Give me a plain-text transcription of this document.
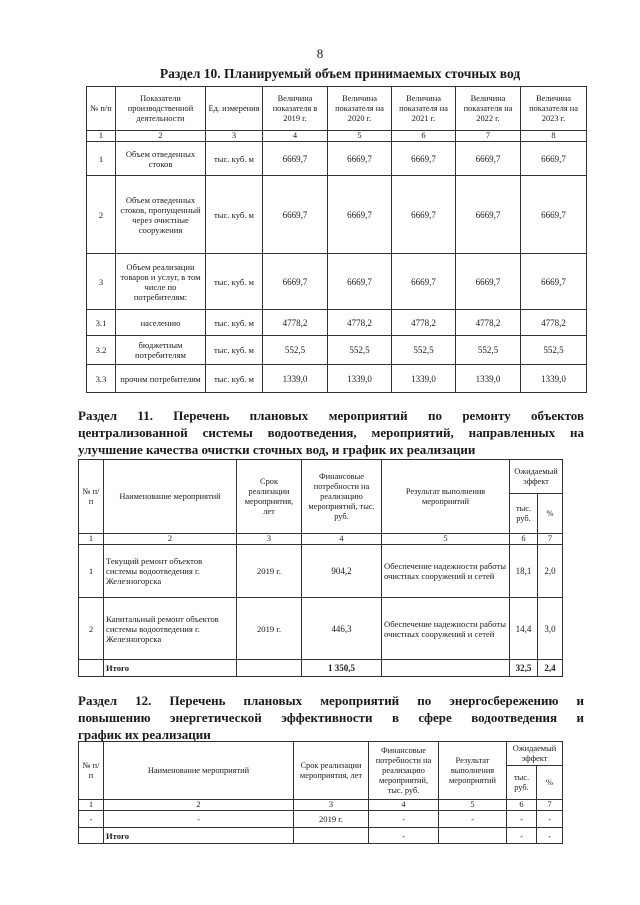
8
Раздел 10. Планируемый объем принимаемых сточных вод
№ п/п	Показатели производственной деятельности	Ед. измерения	Величина показателя в 2019 г.	Величина показателя на 2020 г.	Величина показателя на 2021 г.	Величина показателя на 2022 г.	Величина показателя на 2023 г.
1	2	3	4	5	6	7	8
1	Объем отведенных стоков	тыс. куб. м	6669,7	6669,7	6669,7	6669,7	6669,7
2	Объем отведенных стоков, пропущенный через очистные сооружения	тыс. куб. м	6669,7	6669,7	6669,7	6669,7	6669,7
3	Объем реализации товаров и услуг, в том числе по потребителям:	тыс. куб. м	6669,7	6669,7	6669,7	6669,7	6669,7
3.1	населению	тыс. куб. м	4778,2	4778,2	4778,2	4778,2	4778,2
3.2	бюджетным потребителям	тыс. куб. м	552,5	552,5	552,5	552,5	552,5
3.3	прочим потребителям	тыс. куб. м	1339,0	1339,0	1339,0	1339,0	1339,0
Раздел 11. Перечень плановых мероприятий по ремонту объектов
централизованной системы водоотведения, мероприятий, направленных на
улучшение качества очистки сточных вод, и график их реализации
№ п/п	Наименование мероприятий	Срок реализации мероприятия, лет	Финансовые потребности на реализацию мероприятий, тыс. руб.	Результат выполнения мероприятий	Ожидаемый эффект	
					тыс. руб.	%
1	2	3	4	5	6	7
1	Текущий ремонт объектов системы водоотведения г. Железногорска	2019 г.	904,2	Обеспечение надежности работы очистных сооружений и сетей	18,1	2,0
2	Капитальный ремонт объектов системы водоотведения г. Железногорска	2019 г.	446,3	Обеспечение надежности работы очистных сооружений и сетей	14,4	3,0
	Итого		1 350,5		32,5	2,4
Раздел 12. Перечень плановых мероприятий по энергосбережению и
повышению энергетической эффективности в сфере водоотведения и
график их реализации
№ п/п	Наименование мероприятий	Срок реализации мероприятия, лет	Финансовые потребности на реализацию мероприятий, тыс. руб.	Результат выполнения мероприятий	Ожидаемый эффект	
					тыс. руб.	%
1	2	3	4	5	6	7
-	-	2019 г.	-	-	-	-
	Итого		-		-	-
